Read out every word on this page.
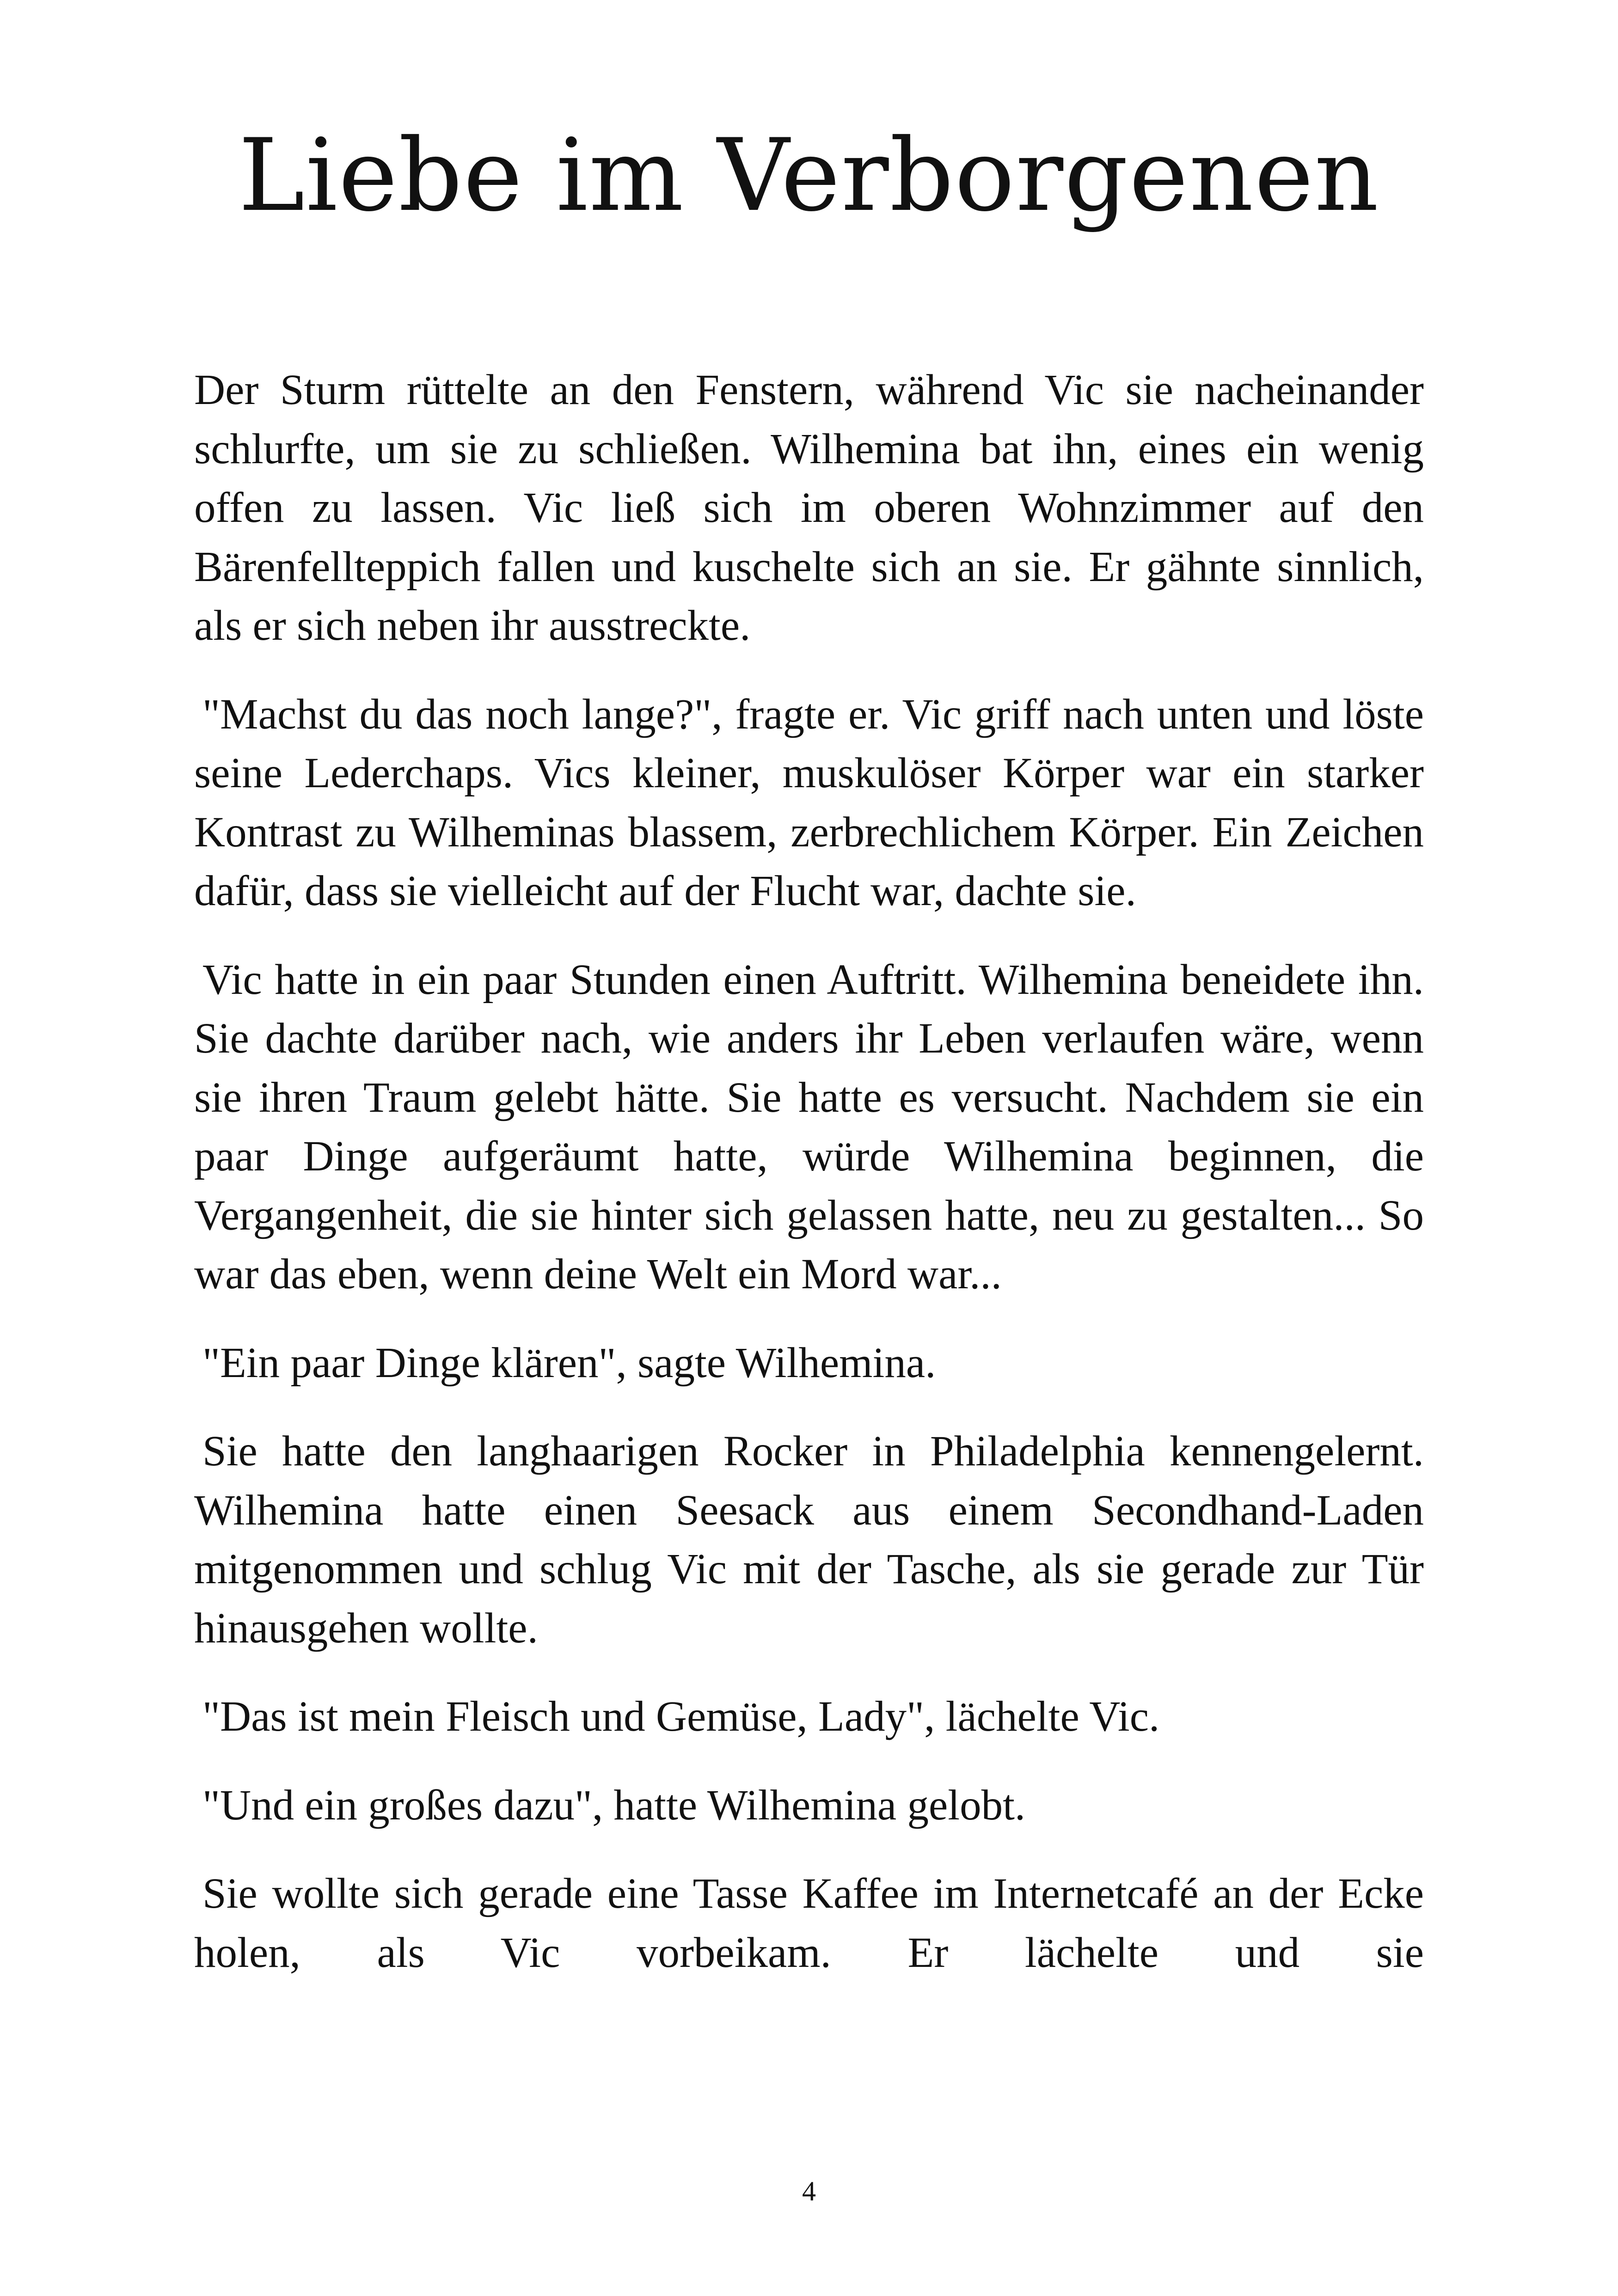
Liebe im Verborgenen

Der Sturm rüttelte an den Fenstern, während Vic sie nacheinander schlurfte, um sie zu schließen. Wilhemina bat ihn, eines ein wenig offen zu lassen. Vic ließ sich im oberen Wohnzimmer auf den Bärenfellteppich fallen und kuschelte sich an sie. Er gähnte sinnlich, als er sich neben ihr ausstreckte.

"Machst du das noch lange?", fragte er. Vic griff nach unten und löste seine Lederchaps. Vics kleiner, muskulöser Körper war ein starker Kontrast zu Wilheminas blassem, zerbrechlichem Körper. Ein Zeichen dafür, dass sie vielleicht auf der Flucht war, dachte sie.

Vic hatte in ein paar Stunden einen Auftritt. Wilhemina beneidete ihn. Sie dachte darüber nach, wie anders ihr Leben verlaufen wäre, wenn sie ihren Traum gelebt hätte. Sie hatte es versucht. Nachdem sie ein paar Dinge aufgeräumt hatte, würde Wilhemina beginnen, die Vergangenheit, die sie hinter sich gelassen hatte, neu zu gestalten... So war das eben, wenn deine Welt ein Mord war...

"Ein paar Dinge klären", sagte Wilhemina.

Sie hatte den langhaarigen Rocker in Philadelphia kennengelernt. Wilhemina hatte einen Seesack aus einem Secondhand-Laden mitgenommen und schlug Vic mit der Tasche, als sie gerade zur Tür hinausgehen wollte.

"Das ist mein Fleisch und Gemüse, Lady", lächelte Vic.

"Und ein großes dazu", hatte Wilhemina gelobt.

Sie wollte sich gerade eine Tasse Kaffee im Internetcafé an der Ecke holen, als Vic vorbeikam. Er lächelte und sie

4
